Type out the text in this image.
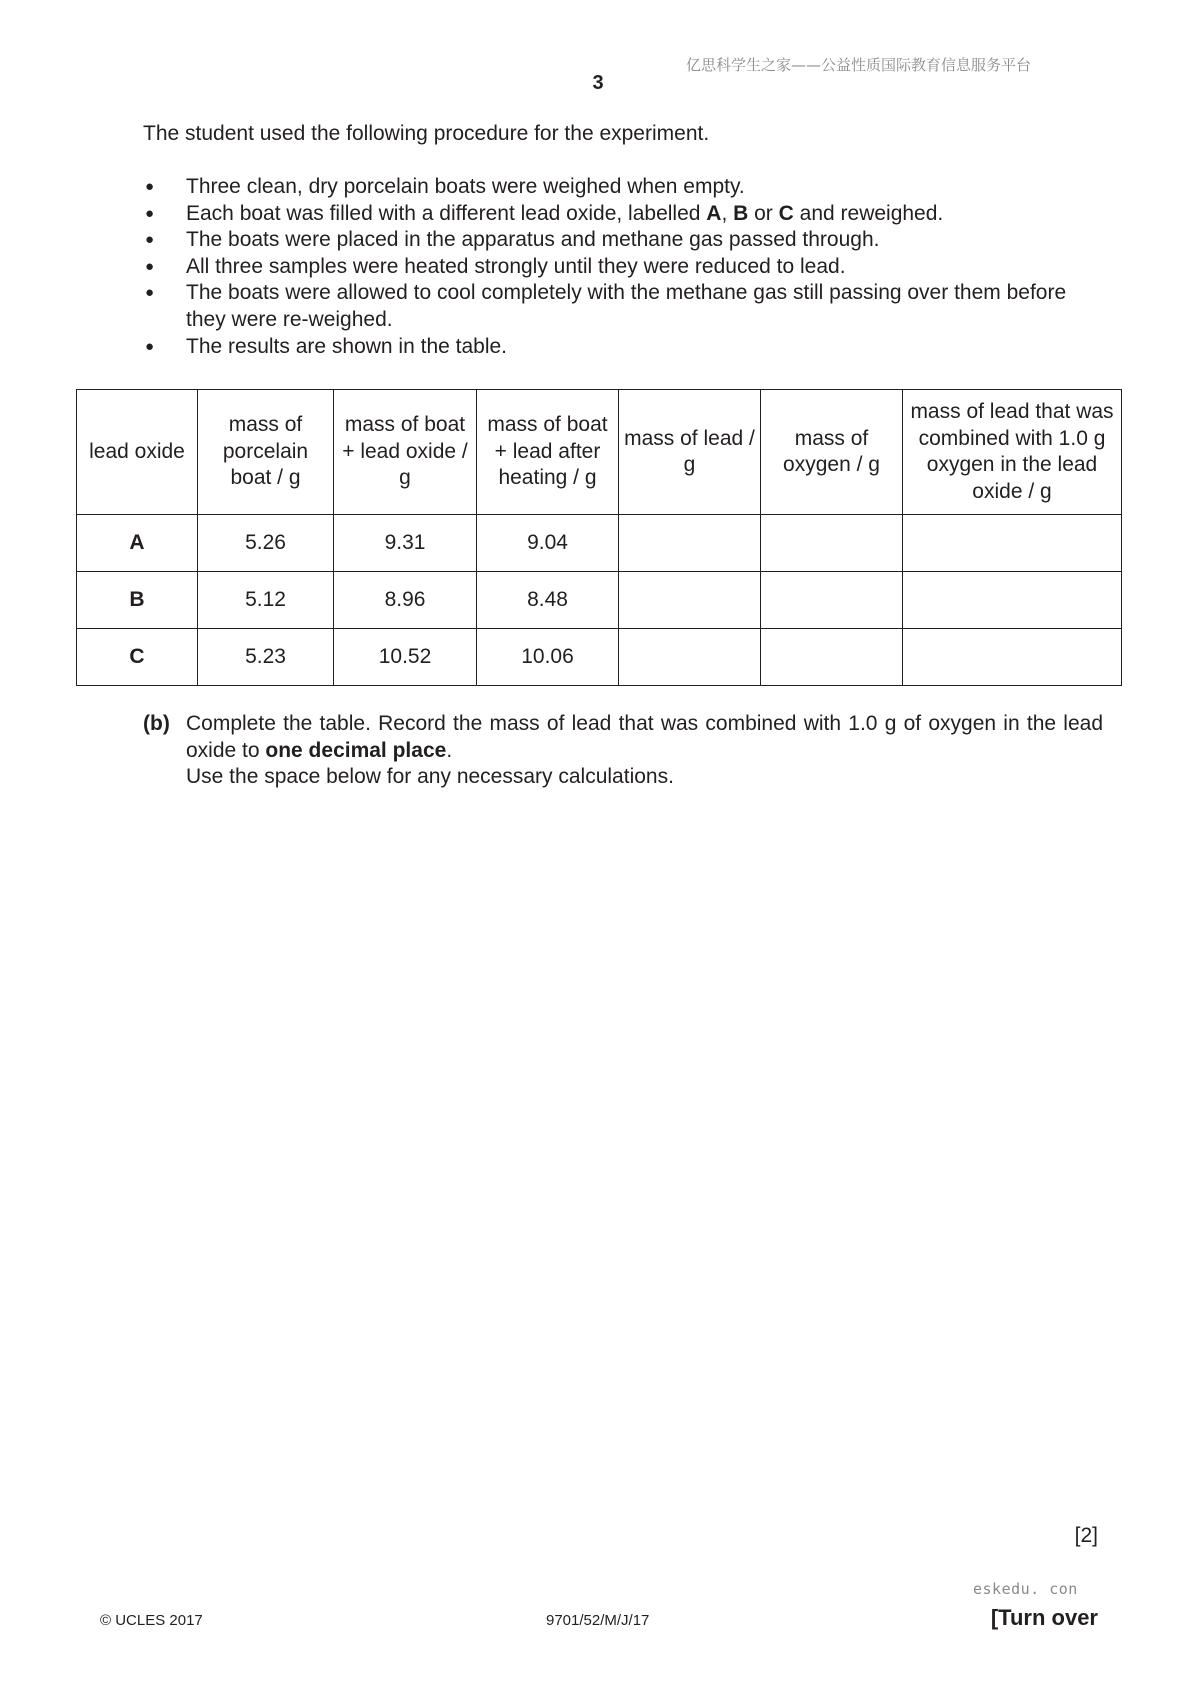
亿思科学生之家——公益性质国际教育信息服务平台
3
The student used the following procedure for the experiment.
● Three clean, dry porcelain boats were weighed when empty.
● Each boat was filled with a different lead oxide, labelled A, B or C and reweighed.
● The boats were placed in the apparatus and methane gas passed through.
● All three samples were heated strongly until they were reduced to lead.
● The boats were allowed to cool completely with the methane gas still passing over them before they were re-weighed.
● The results are shown in the table.
lead oxide	mass of porcelain boat / g	mass of boat + lead oxide / g	mass of boat + lead after heating / g	mass of lead / g	mass of oxygen / g	mass of lead that was combined with 1.0 g oxygen in the lead oxide / g
A	5.26	9.31	9.04			
B	5.12	8.96	8.48			
C	5.23	10.52	10.06			
(b) Complete the table. Record the mass of lead that was combined with 1.0 g of oxygen in the lead oxide to one decimal place.

Use the space below for any necessary calculations.

[2]
eskedu. con
© UCLES 2017	9701/52/M/J/17	[Turn over
